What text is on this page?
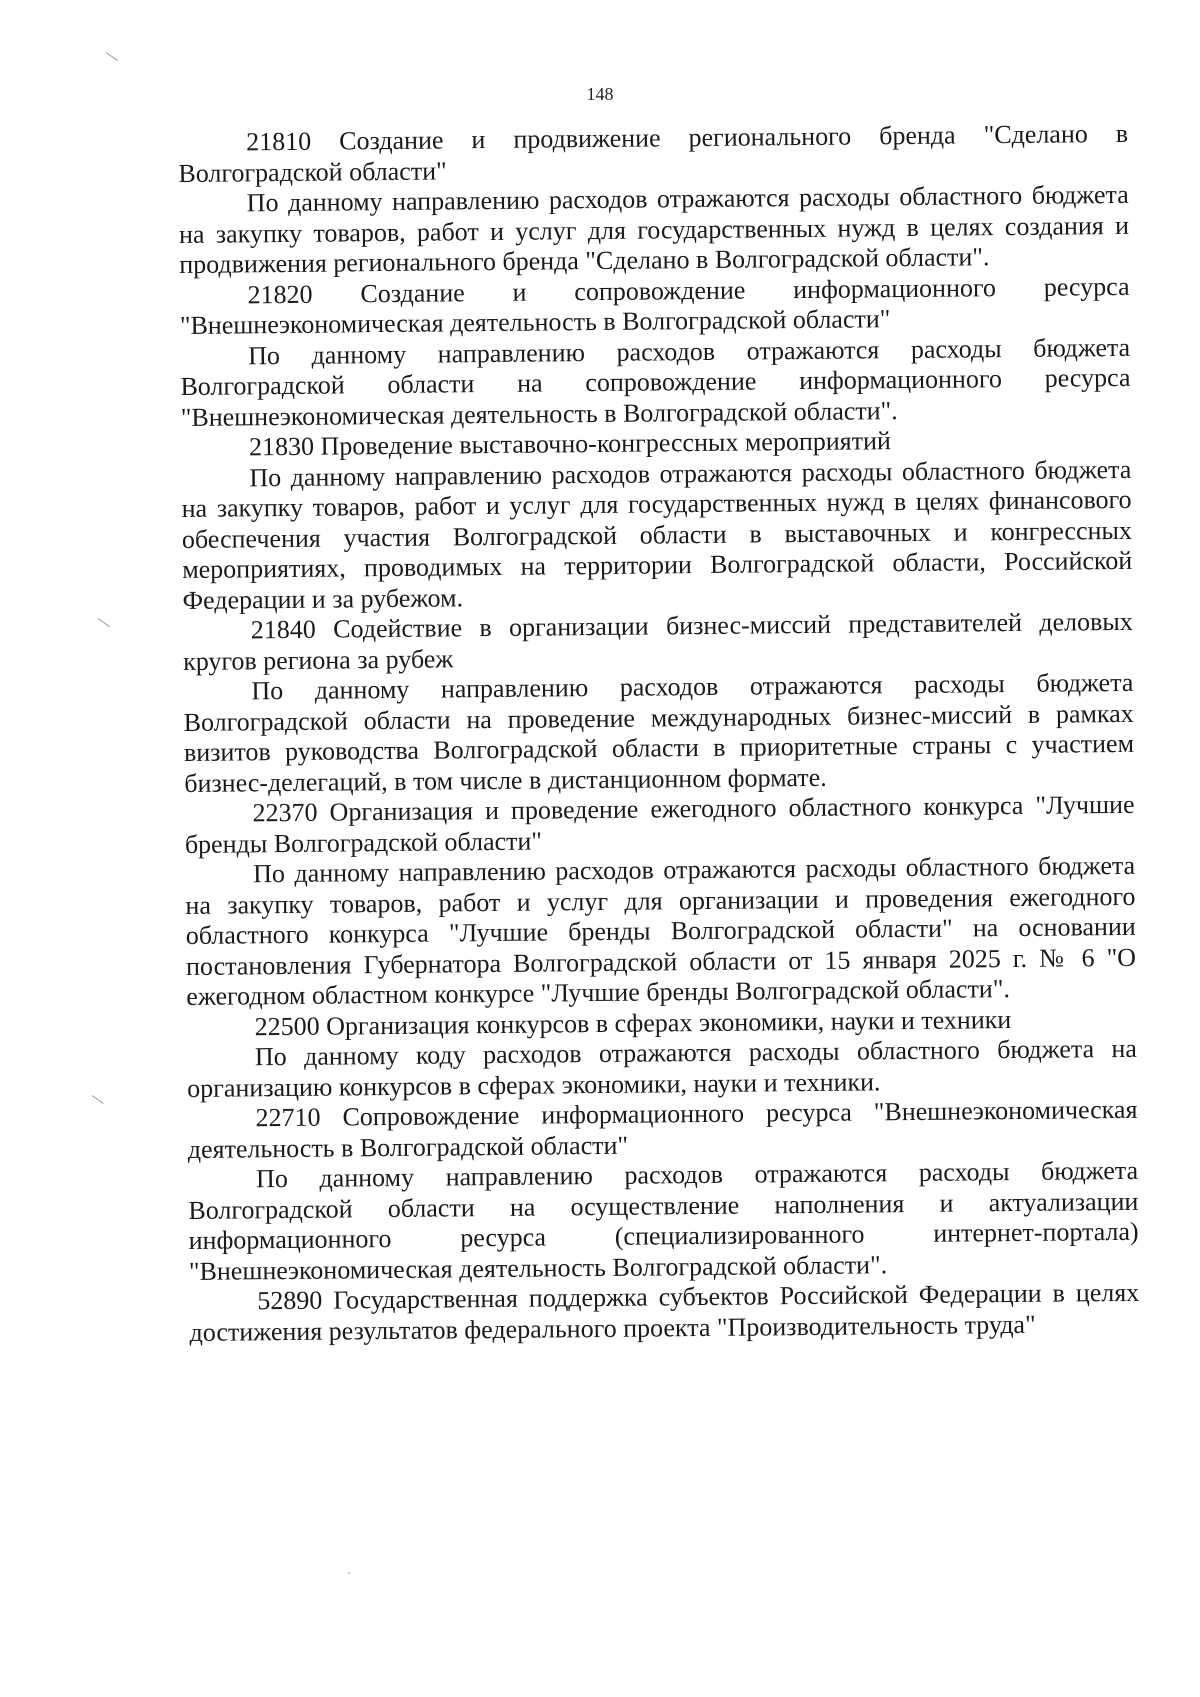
148

21810 Создание и продвижение регионального бренда "Сделано в Волгоградской области"

По данному направлению расходов отражаются расходы областного бюджета на закупку товаров, работ и услуг для государственных нужд в целях создания и продвижения регионального бренда "Сделано в Волгоградской области".

21820 Создание и сопровождение информационного ресурса "Внешнеэкономическая деятельность в Волгоградской области"

По данному направлению расходов отражаются расходы бюджета Волгоградской области на сопровождение информационного ресурса "Внешнеэкономическая деятельность в Волгоградской области".

21830 Проведение выставочно-конгрессных мероприятий

По данному направлению расходов отражаются расходы областного бюджета на закупку товаров, работ и услуг для государственных нужд в целях финансового обеспечения участия Волгоградской области в выставочных и конгрессных мероприятиях, проводимых на территории Волгоградской области, Российской Федерации и за рубежом.

21840 Содействие в организации бизнес-миссий представителей деловых кругов региона за рубеж

По данному направлению расходов отражаются расходы бюджета Волгоградской области на проведение международных бизнес-миссий в рамках визитов руководства Волгоградской области в приоритетные страны с участием бизнес-делегаций, в том числе в дистанционном формате.

22370 Организация и проведение ежегодного областного конкурса "Лучшие бренды Волгоградской области"

По данному направлению расходов отражаются расходы областного бюджета на закупку товаров, работ и услуг для организации и проведения ежегодного областного конкурса "Лучшие бренды Волгоградской области" на основании постановления Губернатора Волгоградской области от 15 января 2025 г. № 6 "О ежегодном областном конкурсе "Лучшие бренды Волгоградской области".

22500 Организация конкурсов в сферах экономики, науки и техники

По данному коду расходов отражаются расходы областного бюджета на организацию конкурсов в сферах экономики, науки и техники.

22710 Сопровождение информационного ресурса "Внешнеэкономическая деятельность в Волгоградской области"

По данному направлению расходов отражаются расходы бюджета Волгоградской области на осуществление наполнения и актуализации информационного ресурса (специализированного интернет-портала) "Внешнеэкономическая деятельность Волгоградской области".

52890 Государственная поддержка субъектов Российской Федерации в целях достижения результатов федерального проекта "Производительность труда"
